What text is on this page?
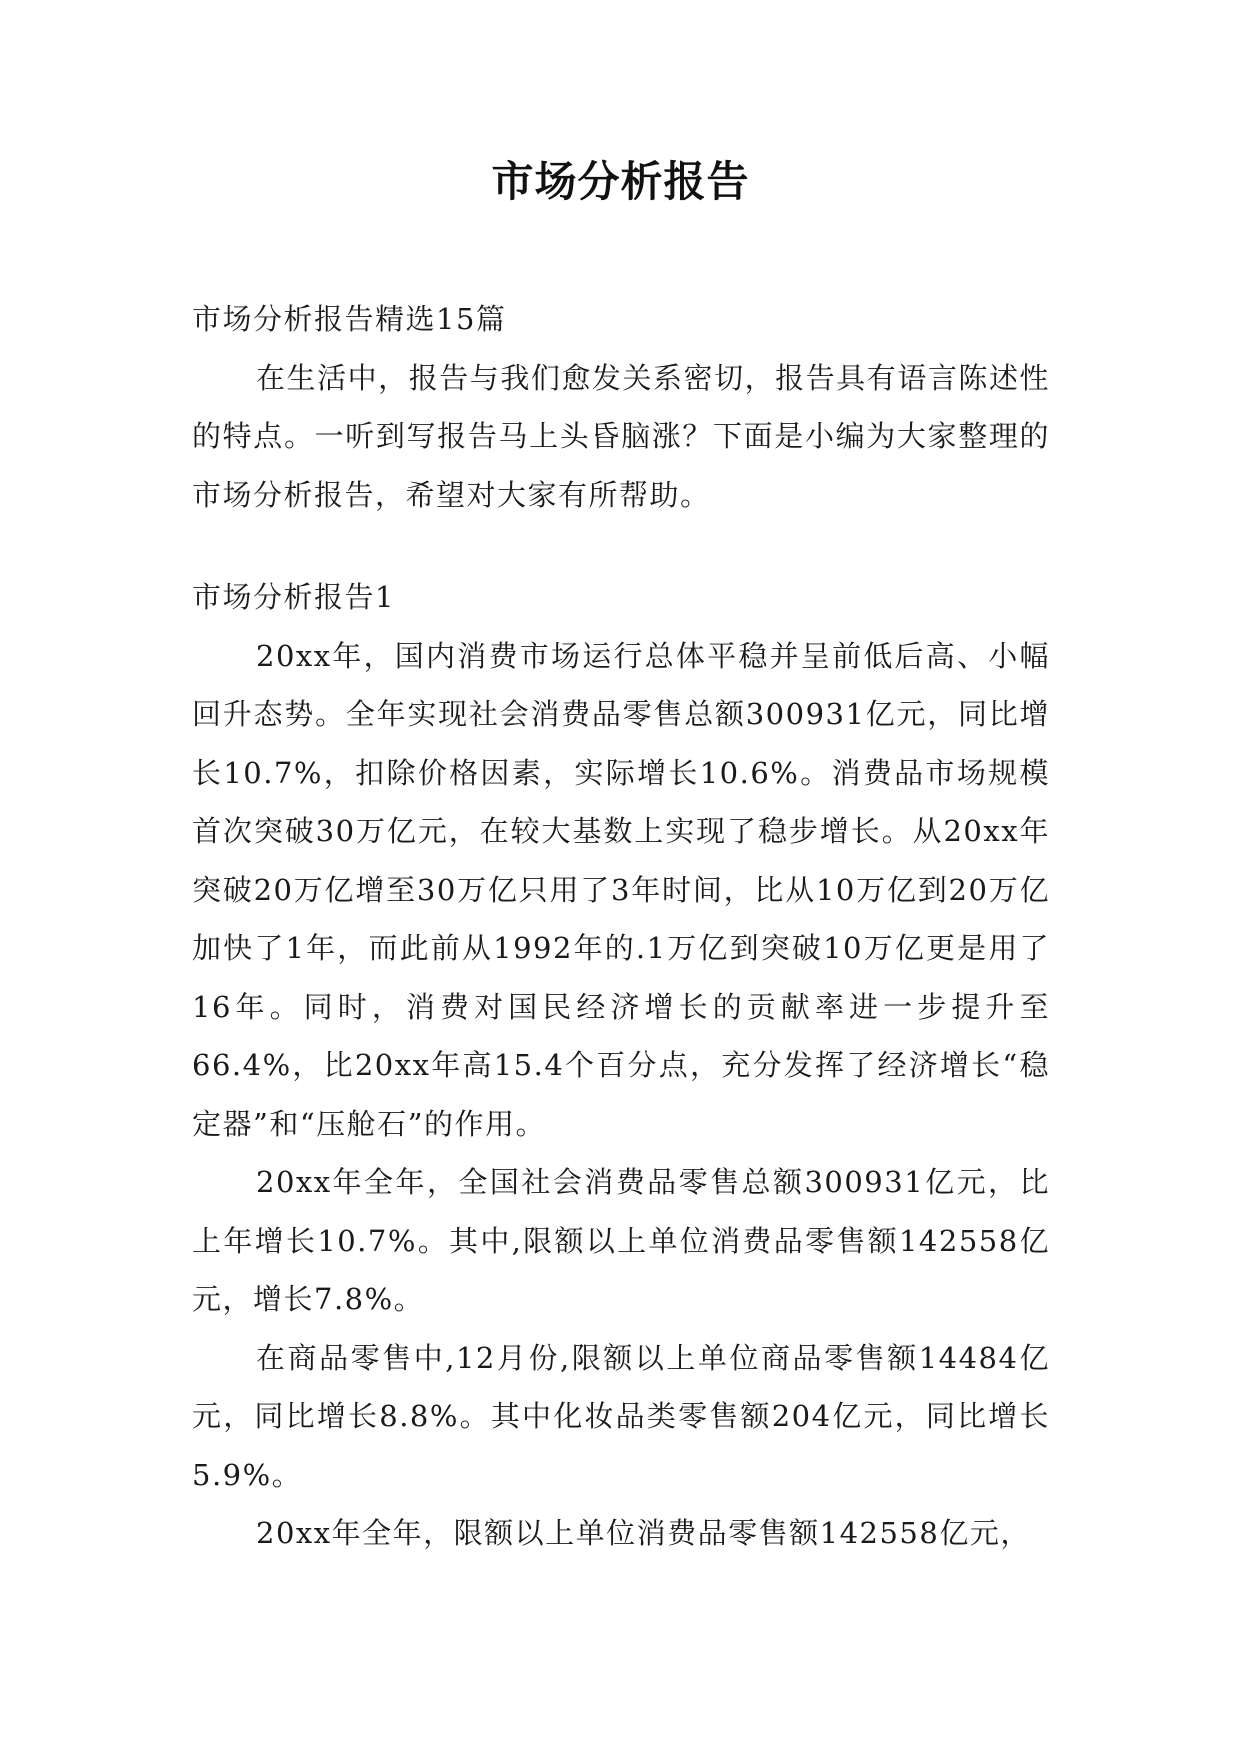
市场分析报告

市场分析报告精选15篇

在生活中，报告与我们愈发关系密切，报告具有语言陈述性的特点。一听到写报告马上头昏脑涨？下面是小编为大家整理的市场分析报告，希望对大家有所帮助。

市场分析报告1

20xx年，国内消费市场运行总体平稳并呈前低后高、小幅回升态势。全年实现社会消费品零售总额300931亿元，同比增长10.7%，扣除价格因素，实际增长10.6%。消费品市场规模首次突破30万亿元，在较大基数上实现了稳步增长。从20xx年突破20万亿增至30万亿只用了3年时间，比从10万亿到20万亿加快了1年，而此前从1992年的.1万亿到突破10万亿更是用了16年。同时，消费对国民经济增长的贡献率进一步提升至66.4%，比20xx年高15.4个百分点，充分发挥了经济增长“稳定器”和“压舱石”的作用。

20xx年全年，全国社会消费品零售总额300931亿元，比上年增长10.7%。其中,限额以上单位消费品零售额142558亿元，增长7.8%。

在商品零售中,12月份,限额以上单位商品零售额14484亿元，同比增长8.8%。其中化妆品类零售额204亿元，同比增长5.9%。

20xx年全年，限额以上单位消费品零售额142558亿元，
